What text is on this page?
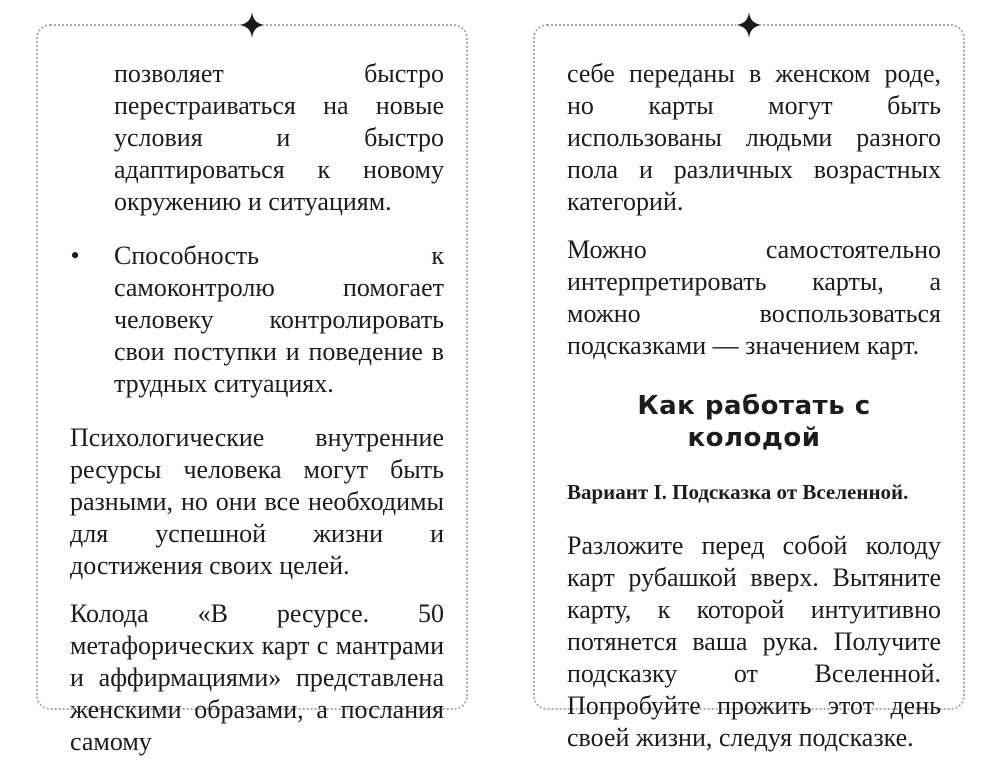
позволяет быстро перестраиваться на новые условия и быстро адаптироваться к новому окружению и ситуациям.
• Способность к самоконтролю помогает человеку контролировать свои поступки и поведение в трудных ситуациях.

Психологические внутренние ресурсы человека могут быть разными, но они все необходимы для успешной жизни и достижения своих целей.

Колода «В ресурсе. 50 метафорических карт с мантрами и аффирмациями» представлена женскими образами, а послания самому

себе переданы в женском роде, но карты могут быть использованы людьми разного пола и различных возрастных категорий.

Можно самостоятельно интерпретировать карты, а можно воспользоваться подсказками — значением карт.

Как работать с колодой
Вариант I. Подсказка от Вселенной.

Разложите перед собой колоду карт рубашкой вверх. Вытяните карту, к которой интуитивно потянется ваша рука. Получите подсказку от Вселенной. Попробуйте прожить этот день своей жизни, следуя подсказке.
